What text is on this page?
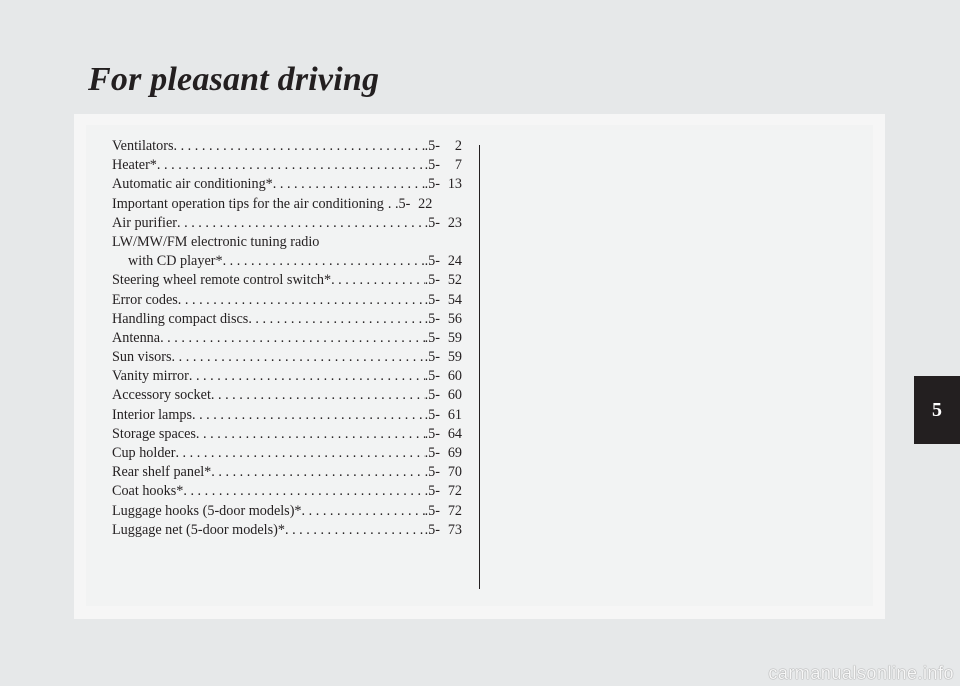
For pleasant driving
Ventilators . . .	.5- 2
Heater* . . .	.5- 7
Automatic air conditioning* . . .	.5- 13
Important operation tips for the air conditioning . .5- 22
Air purifier . . .	.5- 23
LW/MW/FM electronic tuning radio
with CD player* . . .	.5- 24
Steering wheel remote control switch* . . .	.5- 52
Error codes . . .	.5- 54
Handling compact discs . . .	.5- 56
Antenna . . .	.5- 59
Sun visors . . .	.5- 59
Vanity mirror . . .	.5- 60
Accessory socket . . .	.5- 60
Interior lamps . . .	.5- 61
Storage spaces . . .	.5- 64
Cup holder . . .	.5- 69
Rear shelf panel* . . .	.5- 70
Coat hooks* . . .	.5- 72
Luggage hooks (5-door models)* . . .	.5- 72
Luggage net (5-door models)* . . .	.5- 73
5
carmanualsonline.info
